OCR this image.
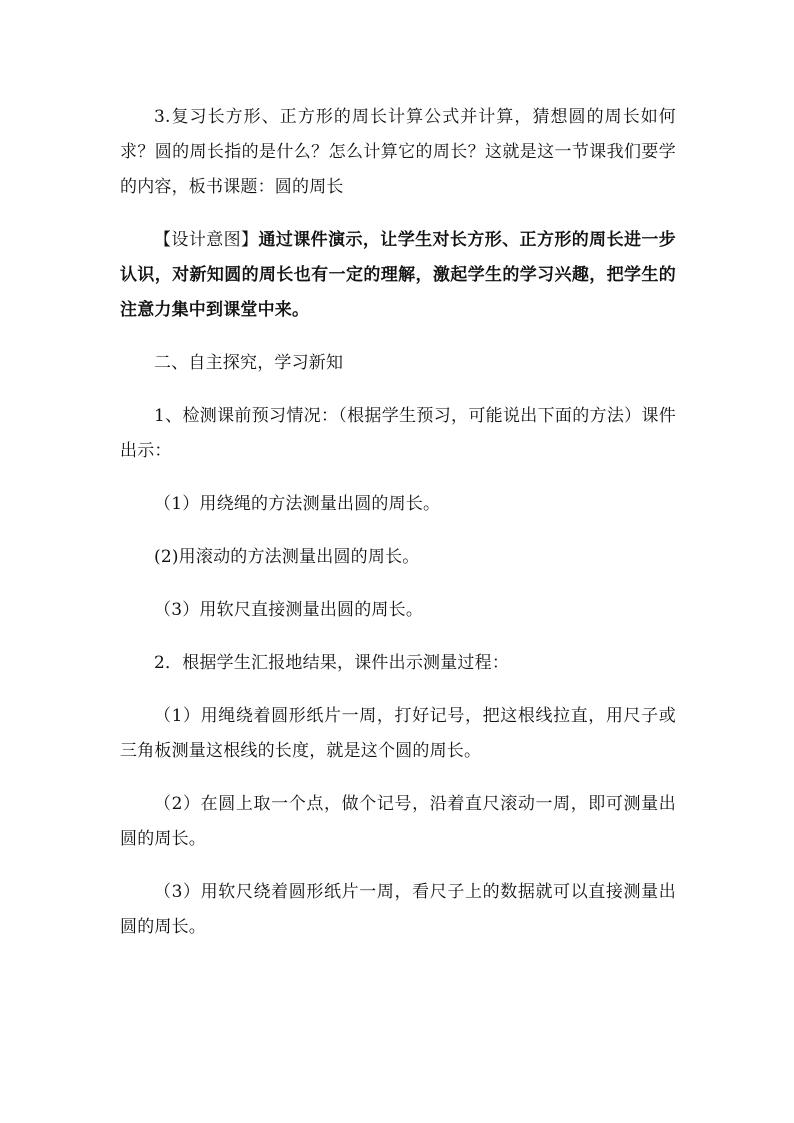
3.复习长方形、正方形的周长计算公式并计算，猜想圆的周长如何求？圆的周长指的是什么？怎么计算它的周长？这就是这一节课我们要学的内容，板书课题：圆的周长

【设计意图】通过课件演示，让学生对长方形、正方形的周长进一步认识，对新知圆的周长也有一定的理解，激起学生的学习兴趣，把学生的注意力集中到课堂中来。

二、自主探究，学习新知

1、检测课前预习情况：（根据学生预习，可能说出下面的方法）课件出示：

（1）用绕绳的方法测量出圆的周长。

(2)用滚动的方法测量出圆的周长。

（3）用软尺直接测量出圆的周长。

2．根据学生汇报地结果，课件出示测量过程：

（1）用绳绕着圆形纸片一周，打好记号，把这根线拉直，用尺子或三角板测量这根线的长度，就是这个圆的周长。

（2）在圆上取一个点，做个记号，沿着直尺滚动一周，即可测量出圆的周长。

（3）用软尺绕着圆形纸片一周，看尺子上的数据就可以直接测量出圆的周长。
